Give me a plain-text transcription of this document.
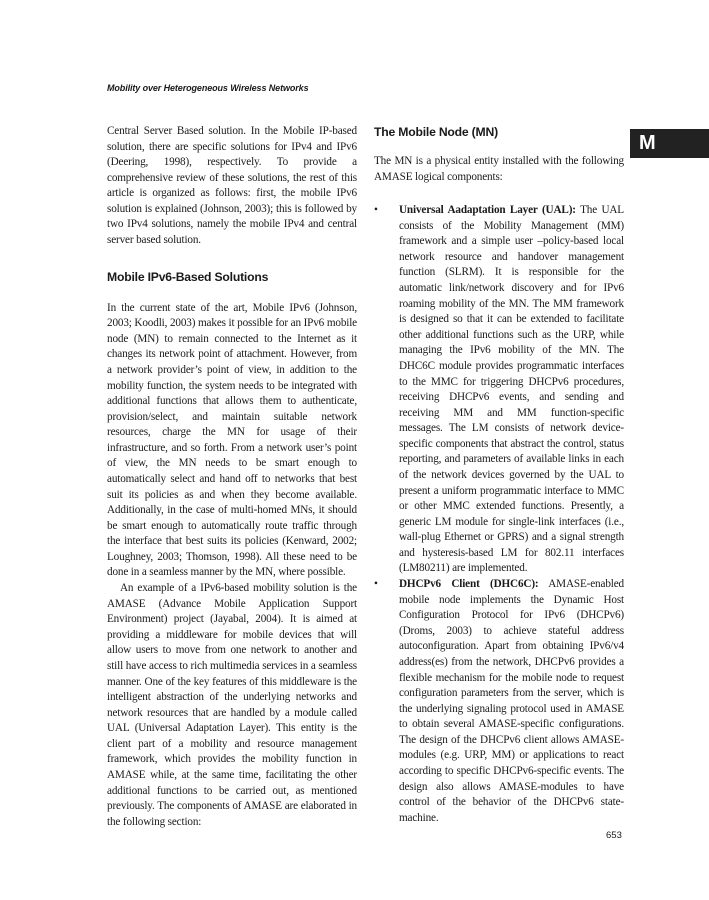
Mobility over Heterogeneous Wireless Networks
M

Central Server Based solution. In the Mobile IP-based solution, there are specific solutions for IPv4 and IPv6 (Deering, 1998), respectively. To provide a comprehensive review of these solutions, the rest of this article is organized as follows: first, the mobile IPv6 solution is explained (Johnson, 2003); this is followed by two IPv4 solutions, namely the mobile IPv4 and central server based solution.

Mobile IPv6-Based Solutions

In the current state of the art, Mobile IPv6 (Johnson, 2003; Koodli, 2003) makes it possible for an IPv6 mobile node (MN) to remain connected to the Internet as it changes its network point of attachment. However, from a network provider’s point of view, in addition to the mobility function, the system needs to be integrated with additional functions that allows them to authenticate, provision/select, and maintain suitable network resources, charge the MN for usage of their infrastructure, and so forth. From a network user’s point of view, the MN needs to be smart enough to automatically select and hand off to networks that best suit its policies as and when they become available. Additionally, in the case of multi-homed MNs, it should be smart enough to automatically route traffic through the interface that best suits its policies (Kenward, 2002; Loughney, 2003; Thomson, 1998). All these need to be done in a seamless manner by the MN, where possible.

An example of a IPv6-based mobility solution is the AMASE (Advance Mobile Application Support Environment) project (Jayabal, 2004). It is aimed at providing a middleware for mobile devices that will allow users to move from one network to another and still have access to rich multimedia services in a seamless manner. One of the key features of this middleware is the intelligent abstraction of the underlying networks and network resources that are handled by a module called UAL (Universal Adaptation Layer). This entity is the client part of a mobility and resource management framework, which provides the mobility function in AMASE while, at the same time, facilitating the other additional functions to be carried out, as mentioned previously. The components of AMASE are elaborated in the following section:

The Mobile Node (MN)

The MN is a physical entity installed with the following AMASE logical components:

• Universal Aadaptation Layer (UAL): The UAL consists of the Mobility Management (MM) framework and a simple user –policy-based local network resource and handover management function (SLRM). It is responsible for the automatic link/network discovery and for IPv6 roaming mobility of the MN. The MM framework is designed so that it can be extended to facilitate other additional functions such as the URP, while managing the IPv6 mobility of the MN. The DHC6C module provides programmatic interfaces to the MMC for triggering DHCPv6 procedures, receiving DHCPv6 events, and sending and receiving MM and MM function-specific messages. The LM consists of network device-specific components that abstract the control, status reporting, and parameters of available links in each of the network devices governed by the UAL to present a uniform programmatic interface to MMC or other MMC extended functions. Presently, a generic LM module for single-link interfaces (i.e., wall-plug Ethernet or GPRS) and a signal strength and hysteresis-based LM for 802.11 interfaces (LM80211) are implemented.

• DHCPv6 Client (DHC6C): AMASE-enabled mobile node implements the Dynamic Host Configuration Protocol for IPv6 (DHCPv6) (Droms, 2003) to achieve stateful address autoconfiguration. Apart from obtaining IPv6/v4 address(es) from the network, DHCPv6 provides a flexible mechanism for the mobile node to request configuration parameters from the server, which is the underlying signaling protocol used in AMASE to obtain several AMASE-specific configurations. The design of the DHCPv6 client allows AMASE-modules (e.g. URP, MM) or applications to react according to specific DHCPv6-specific events. The design also allows AMASE-modules to have control of the behavior of the DHCPv6 state-machine.

653
